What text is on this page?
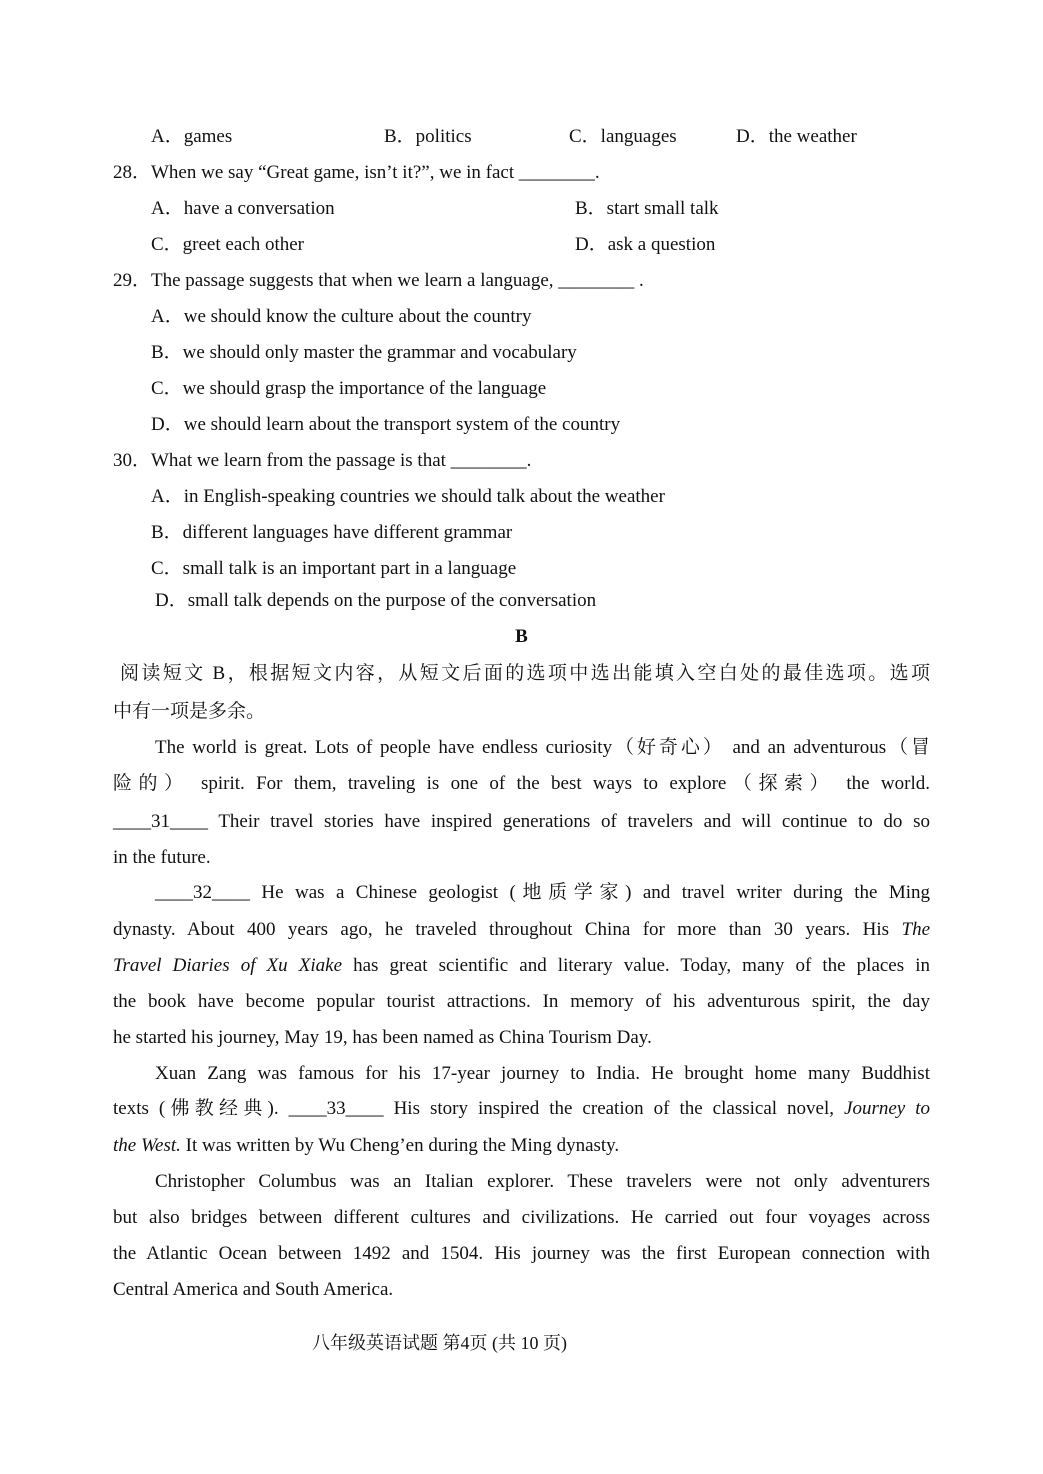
A．games	B．politics	C．languages	D．the weather
28．When we say “Great game, isn’t it?”, we in fact ________.
A．have a conversation	B．start small talk
C．greet each other	D．ask a question
29．The passage suggests that when we learn a language, ________ .
A．we should know the culture about the country
B．we should only master the grammar and vocabulary
C．we should grasp the importance of the language
D．we should learn about the transport system of the country
30．What we learn from the passage is that ________.
A．in English-speaking countries we should talk about the weather
B．different languages have different grammar
C．small talk is an important part in a language
D．small talk depends on the purpose of the conversation
B
阅读短文 B，根据短文内容，从短文后面的选项中选出能填入空白处的最佳选项。选项
中有一项是多余。
The world is great. Lots of people have endless curiosity（好奇心） and an adventurous（冒
险的） spirit. For them, traveling is one of the best ways to explore（探索） the world.
____31____ Their travel stories have inspired generations of travelers and will continue to do so
in the future.
____32____ He was a Chinese geologist (地质学家) and travel writer during the Ming
dynasty. About 400 years ago, he traveled throughout China for more than 30 years. His The
Travel Diaries of Xu Xiake has great scientific and literary value. Today, many of the places in
the book have become popular tourist attractions. In memory of his adventurous spirit, the day
he started his journey, May 19, has been named as China Tourism Day.
Xuan Zang was famous for his 17-year journey to India. He brought home many Buddhist
texts (佛教经典). ____33____ His story inspired the creation of the classical novel, Journey to
the West. It was written by Wu Cheng’en during the Ming dynasty.
Christopher Columbus was an Italian explorer. These travelers were not only adventurers
but also bridges between different cultures and civilizations. He carried out four voyages across
the Atlantic Ocean between 1492 and 1504. His journey was the first European connection with
Central America and South America.
八年级英语试题 第4页 (共 10 页)
